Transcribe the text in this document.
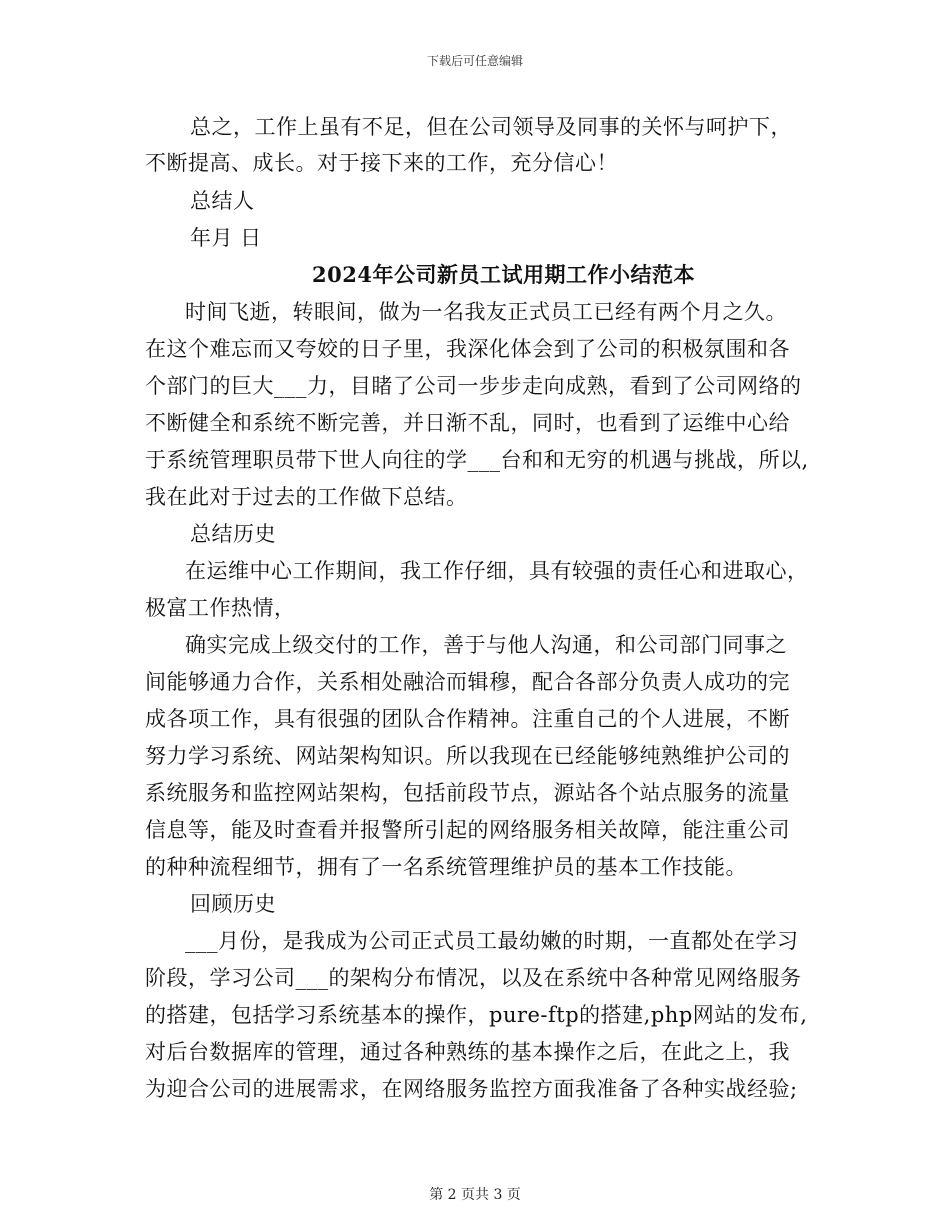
下载后可任意编辑
总之，工作上虽有不足，但在公司领导及同事的关怀与呵护下，
不断提高、成长。对于接下来的工作，充分信心！
总结人
年月 日
2024年公司新员工试用期工作小结范本
时间飞逝，转眼间，做为一名我友正式员工已经有两个月之久。
在这个难忘而又夸姣的日子里，我深化体会到了公司的积极氛围和各
个部门的巨大___力，目睹了公司一步步走向成熟，看到了公司网络的
不断健全和系统不断完善，并日渐不乱，同时，也看到了运维中心给
于系统管理职员带下世人向往的学___台和和无穷的机遇与挑战，所以,
我在此对于过去的工作做下总结。
总结历史
在运维中心工作期间，我工作仔细，具有较强的责任心和进取心，
极富工作热情，
确实完成上级交付的工作，善于与他人沟通，和公司部门同事之
间能够通力合作，关系相处融洽而辑穆，配合各部分负责人成功的完
成各项工作，具有很强的团队合作精神。注重自己的个人进展，不断
努力学习系统、网站架构知识。所以我现在已经能够纯熟维护公司的
系统服务和监控网站架构，包括前段节点，源站各个站点服务的流量
信息等，能及时查看并报警所引起的网络服务相关故障，能注重公司
的种种流程细节，拥有了一名系统管理维护员的基本工作技能。
回顾历史
___月份，是我成为公司正式员工最幼嫩的时期，一直都处在学习
阶段，学习公司___的架构分布情况，以及在系统中各种常见网络服务
的搭建，包括学习系统基本的操作，pure-ftp的搭建,php网站的发布,
对后台数据库的管理，通过各种熟练的基本操作之后，在此之上，我
为迎合公司的进展需求，在网络服务监控方面我准备了各种实战经验;
第 2 页共 3 页
